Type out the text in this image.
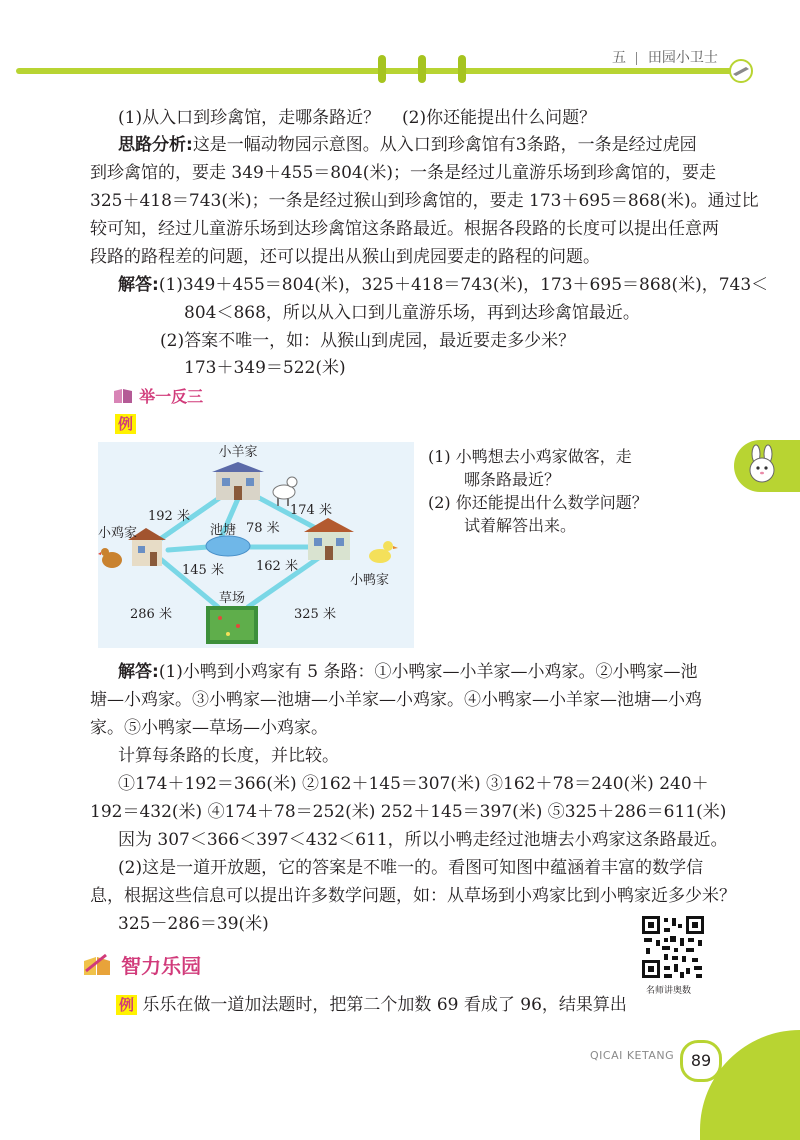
五 田园小卫士
(1)从入口到珍禽馆，走哪条路近？ (2)你还能提出什么问题？
思路分析:这是一幅动物园示意图。从入口到珍禽馆有3条路，一条是经过虎园
到珍禽馆的，要走 349＋455＝804(米)；一条是经过儿童游乐场到珍禽馆的，要走
325＋418＝743(米)；一条是经过猴山到珍禽馆的，要走 173＋695＝868(米)。通过比
较可知，经过儿童游乐场到达珍禽馆这条路最近。根据各段路的长度可以提出任意两
段路的路程差的问题，还可以提出从猴山到虎园要走的路程的问题。
解答:(1)349＋455＝804(米)，325＋418＝743(米)，173＋695＝868(米)，743＜
804＜868，所以从入口到儿童游乐场，再到达珍禽馆最近。
(2)答案不唯一，如：从猴山到虎园，最近要走多少米？
173＋349＝522(米)
举一反三
例
小羊家
小鸡家
小鸭家
池塘
草场
192 米	174 米
78 米
145 米 162 米
286 米	325 米
(1) 小鸭想去小鸡家做客，走
哪条路最近？
(2) 你还能提出什么数学问题？
试着解答出来。
解答:(1)小鸭到小鸡家有 5 条路：①小鸭家—小羊家—小鸡家。②小鸭家—池
塘—小鸡家。③小鸭家—池塘—小羊家—小鸡家。④小鸭家—小羊家—池塘—小鸡
家。⑤小鸭家—草场—小鸡家。
计算每条路的长度，并比较。
①174＋192＝366(米) ②162＋145＝307(米) ③162＋78＝240(米) 240＋
192＝432(米) ④174＋78＝252(米) 252＋145＝397(米) ⑤325＋286＝611(米)
因为 307＜366＜397＜432＜611，所以小鸭走经过池塘去小鸡家这条路最近。
(2)这是一道开放题，它的答案是不唯一的。看图可知图中蕴涵着丰富的数学信
息，根据这些信息可以提出许多数学问题，如：从草场到小鸡家比到小鸭家近多少米？
325－286＝39(米)
名师讲奥数
智力乐园
例 乐乐在做一道加法题时，把第二个加数 69 看成了 96，结果算出
QICAI KETANG	89
